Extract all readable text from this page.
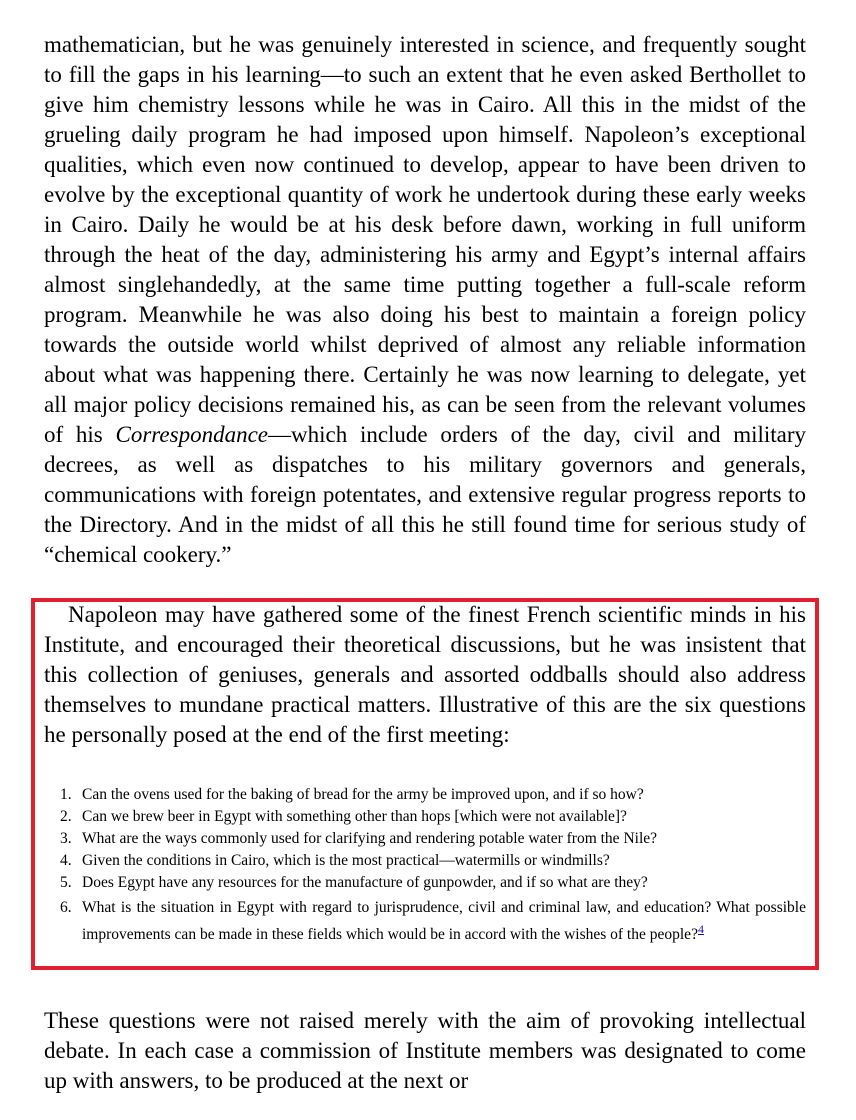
mathematician, but he was genuinely interested in science, and frequently sought to fill the gaps in his learning—to such an extent that he even asked Berthollet to give him chemistry lessons while he was in Cairo. All this in the midst of the grueling daily program he had imposed upon himself. Napoleon’s exceptional qualities, which even now continued to develop, appear to have been driven to evolve by the exceptional quantity of work he undertook during these early weeks in Cairo. Daily he would be at his desk before dawn, working in full uniform through the heat of the day, administering his army and Egypt’s internal affairs almost singlehandedly, at the same time putting together a full-scale reform program. Meanwhile he was also doing his best to maintain a foreign policy towards the outside world whilst deprived of almost any reliable information about what was happening there. Certainly he was now learning to delegate, yet all major policy decisions remained his, as can be seen from the relevant volumes of his Correspondance—which include orders of the day, civil and military decrees, as well as dispatches to his military governors and generals, communications with foreign potentates, and extensive regular progress reports to the Directory. And in the midst of all this he still found time for serious study of “chemical cookery.”

Napoleon may have gathered some of the finest French scientific minds in his Institute, and encouraged their theoretical discussions, but he was insistent that this collection of geniuses, generals and assorted oddballs should also address themselves to mundane practical matters. Illustrative of this are the six questions he personally posed at the end of the first meeting:

1. Can the ovens used for the baking of bread for the army be improved upon, and if so how?
2. Can we brew beer in Egypt with something other than hops [which were not available]?
3. What are the ways commonly used for clarifying and rendering potable water from the Nile?
4. Given the conditions in Cairo, which is the most practical—watermills or windmills?
5. Does Egypt have any resources for the manufacture of gunpowder, and if so what are they?
6. What is the situation in Egypt with regard to jurisprudence, civil and criminal law, and education? What possible improvements can be made in these fields which would be in accord with the wishes of the people?$^4$

These questions were not raised merely with the aim of provoking intellectual debate. In each case a commission of Institute members was designated to come up with answers, to be produced at the next or
